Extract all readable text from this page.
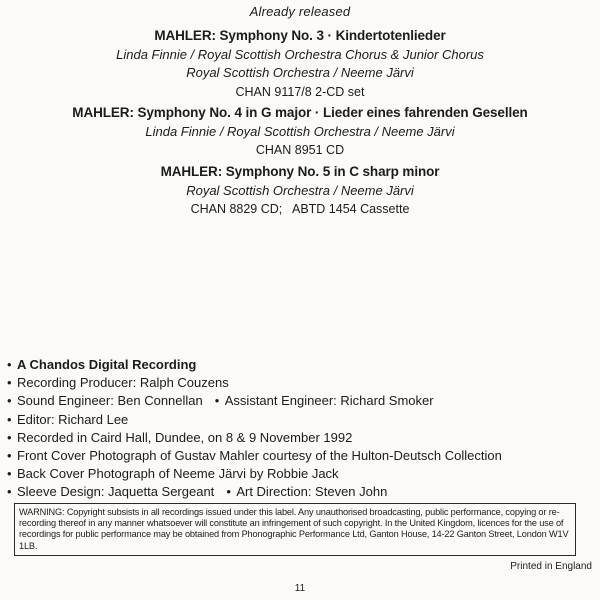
Already released
MAHLER: Symphony No. 3 · Kindertotenlieder
Linda Finnie / Royal Scottish Orchestra Chorus & Junior Chorus
Royal Scottish Orchestra / Neeme Järvi
CHAN 9117/8 2-CD set
MAHLER: Symphony No. 4 in G major · Lieder eines fahrenden Gesellen
Linda Finnie / Royal Scottish Orchestra / Neeme Järvi
CHAN 8951 CD
MAHLER: Symphony No. 5 in C sharp minor
Royal Scottish Orchestra / Neeme Järvi
CHAN 8829 CD;   ABTD 1454 Cassette
• A Chandos Digital Recording
• Recording Producer: Ralph Couzens
• Sound Engineer: Ben Connellan • Assistant Engineer: Richard Smoker
• Editor: Richard Lee
• Recorded in Caird Hall, Dundee, on 8 & 9 November 1992
• Front Cover Photograph of Gustav Mahler courtesy of the Hulton-Deutsch Collection
• Back Cover Photograph of Neeme Järvi by Robbie Jack
• Sleeve Design: Jaquetta Sergeant • Art Direction: Steven John
WARNING: Copyright subsists in all recordings issued under this label. Any unauthorised broadcasting, public performance, copying or re-recording thereof in any manner whatsoever will constitute an infringement of such copyright. In the United Kingdom, licences for the use of recordings for public performance may be obtained from Phonographic Performance Ltd, Ganton House, 14-22 Ganton Street, London W1V 1LB.
Printed in England
11
